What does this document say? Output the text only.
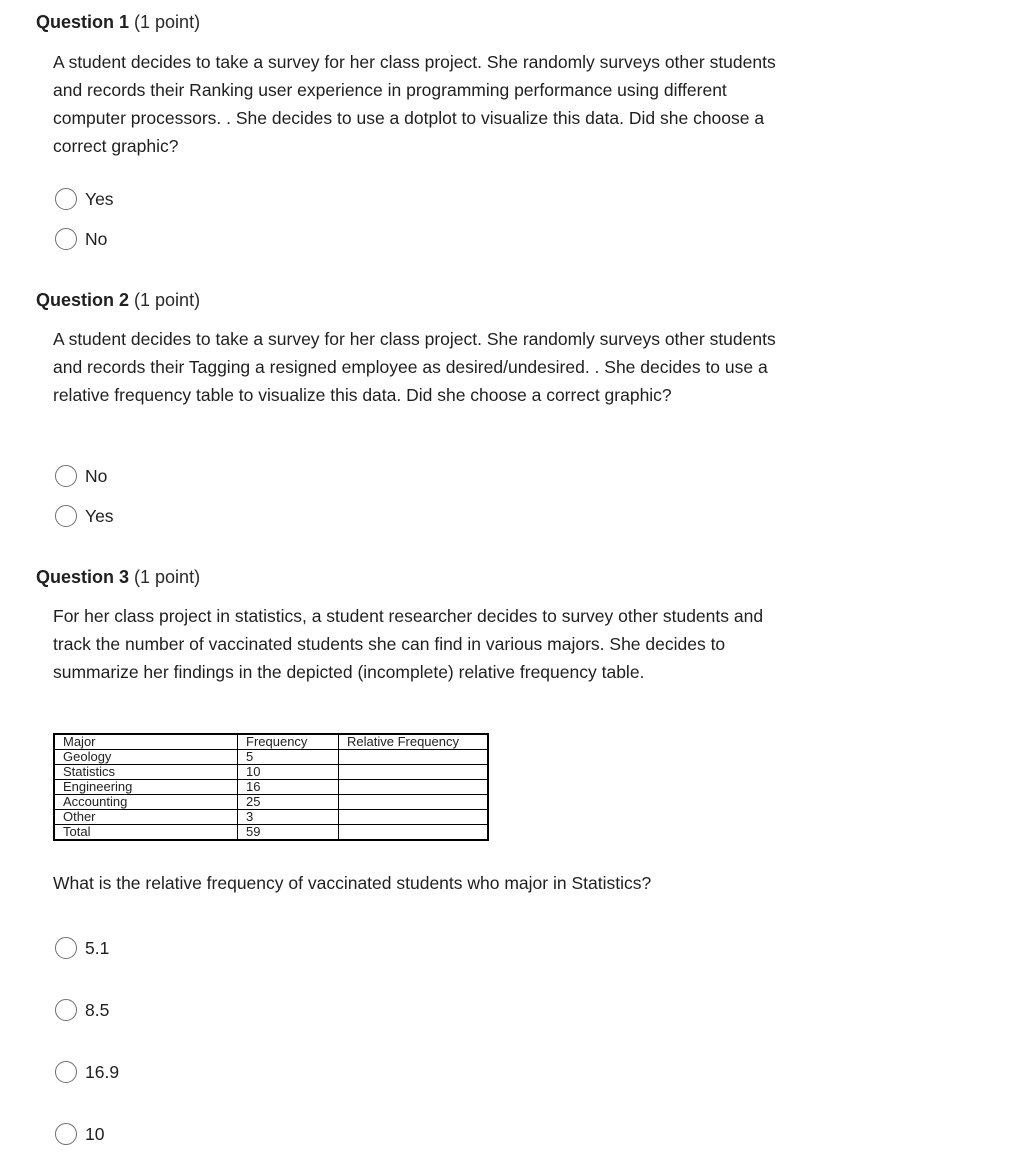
Question 1 (1 point)

A student decides to take a survey for her class project. She randomly surveys other students and records their Ranking user experience in programming performance using different computer processors. . She decides to use a dotplot to visualize this data. Did she choose a correct graphic?

Yes
No
Question 2 (1 point)

A student decides to take a survey for her class project. She randomly surveys other students and records their Tagging a resigned employee as desired/undesired. . She decides to use a relative frequency table to visualize this data. Did she choose a correct graphic?

No
Yes
Question 3 (1 point)

For her class project in statistics, a student researcher decides to survey other students and track the number of vaccinated students she can find in various majors. She decides to summarize her findings in the depicted (incomplete) relative frequency table.

Major	Frequency	Relative Frequency
Geology	5	
Statistics	10	
Engineering	16	
Accounting	25	
Other	3	
Total	59	

What is the relative frequency of vaccinated students who major in Statistics?

5.1
8.5
16.9
10
